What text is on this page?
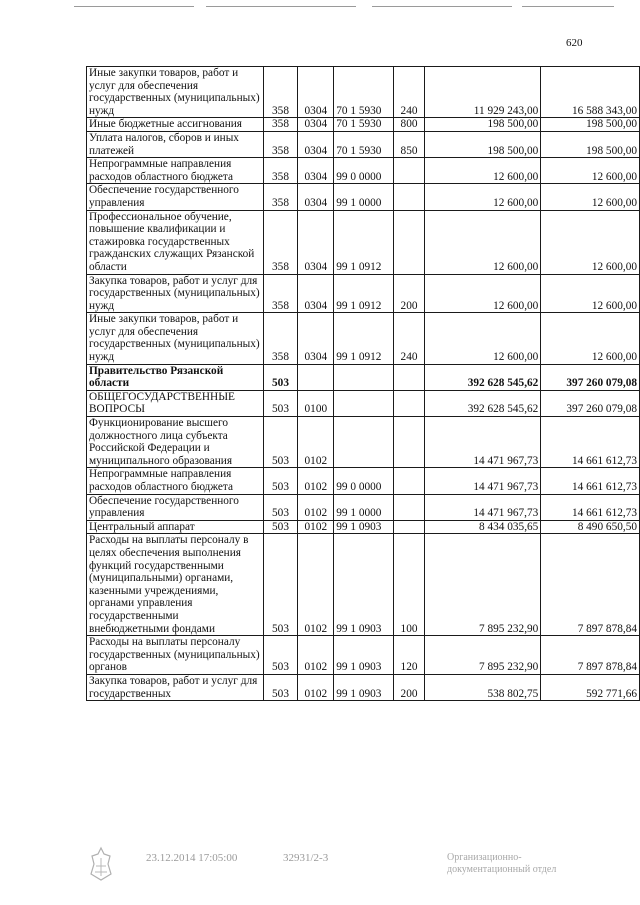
620
Иные закупки товаров, работ и услуг для обеспечения государственных (муниципальных) нужд	358	0304	70 1 5930	240	11 929 243,00	16 588 343,00
Иные бюджетные ассигнования	358	0304	70 1 5930	800	198 500,00	198 500,00
Уплата налогов, сборов и иных платежей	358	0304	70 1 5930	850	198 500,00	198 500,00
Непрограммные направления расходов областного бюджета	358	0304	99 0 0000		12 600,00	12 600,00
Обеспечение государственного управления	358	0304	99 1 0000		12 600,00	12 600,00
Профессиональное обучение, повышение квалификации и стажировка государственных гражданских служащих Рязанской области	358	0304	99 1 0912		12 600,00	12 600,00
Закупка товаров, работ и услуг для государственных (муниципальных) нужд	358	0304	99 1 0912	200	12 600,00	12 600,00
Иные закупки товаров, работ и услуг для обеспечения государственных (муниципальных) нужд	358	0304	99 1 0912	240	12 600,00	12 600,00
Правительство Рязанской области	503				392 628 545,62	397 260 079,08
ОБЩЕГОСУДАРСТВЕННЫЕ ВОПРОСЫ	503	0100			392 628 545,62	397 260 079,08
Функционирование высшего должностного лица субъекта Российской Федерации и муниципального образования	503	0102			14 471 967,73	14 661 612,73
Непрограммные направления расходов областного бюджета	503	0102	99 0 0000		14 471 967,73	14 661 612,73
Обеспечение государственного управления	503	0102	99 1 0000		14 471 967,73	14 661 612,73
Центральный аппарат	503	0102	99 1 0903		8 434 035,65	8 490 650,50
Расходы на выплаты персоналу в целях обеспечения выполнения функций государственными (муниципальными) органами, казенными учреждениями, органами управления государственными внебюджетными фондами	503	0102	99 1 0903	100	7 895 232,90	7 897 878,84
Расходы на выплаты персоналу государственных (муниципальных) органов	503	0102	99 1 0903	120	7 895 232,90	7 897 878,84
Закупка товаров, работ и услуг для государственных	503	0102	99 1 0903	200	538 802,75	592 771,66
23.12.2014 17:05:00	32931/2-3	Организационно-
документационный отдел
